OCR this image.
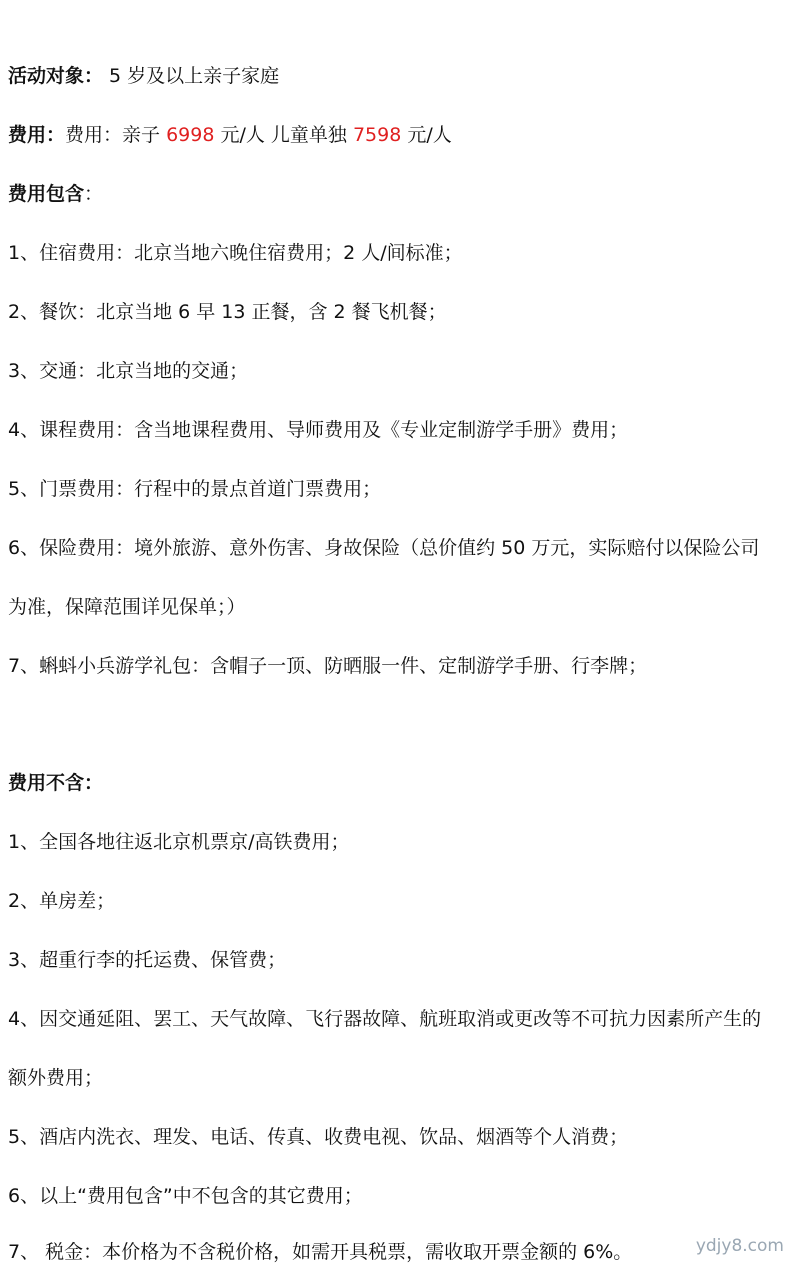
活动对象： 5 岁及以上亲子家庭
费用：费用：亲子 6998 元/人 儿童单独 7598 元/人
费用包含：
1、住宿费用：北京当地六晚住宿费用；2 人/间标准；
2、餐饮：北京当地 6 早 13 正餐，含 2 餐飞机餐；
3、交通：北京当地的交通；
4、课程费用：含当地课程费用、导师费用及《专业定制游学手册》费用；
5、门票费用：行程中的景点首道门票费用；
6、保险费用：境外旅游、意外伤害、身故保险（总价值约 50 万元，实际赔付以保险公司
为准，保障范围详见保单；）
7、蝌蚪小兵游学礼包：含帽子一顶、防晒服一件、定制游学手册、行李牌；
费用不含：
1、全国各地往返北京机票京/高铁费用；
2、单房差；
3、超重行李的托运费、保管费；
4、因交通延阻、罢工、天气故障、飞行器故障、航班取消或更改等不可抗力因素所产生的
额外费用；
5、酒店内洗衣、理发、电话、传真、收费电视、饮品、烟酒等个人消费；
6、以上“费用包含”中不包含的其它费用；
7、 税金：本价格为不含税价格，如需开具税票，需收取开票金额的 6%。	ydjy8.com
